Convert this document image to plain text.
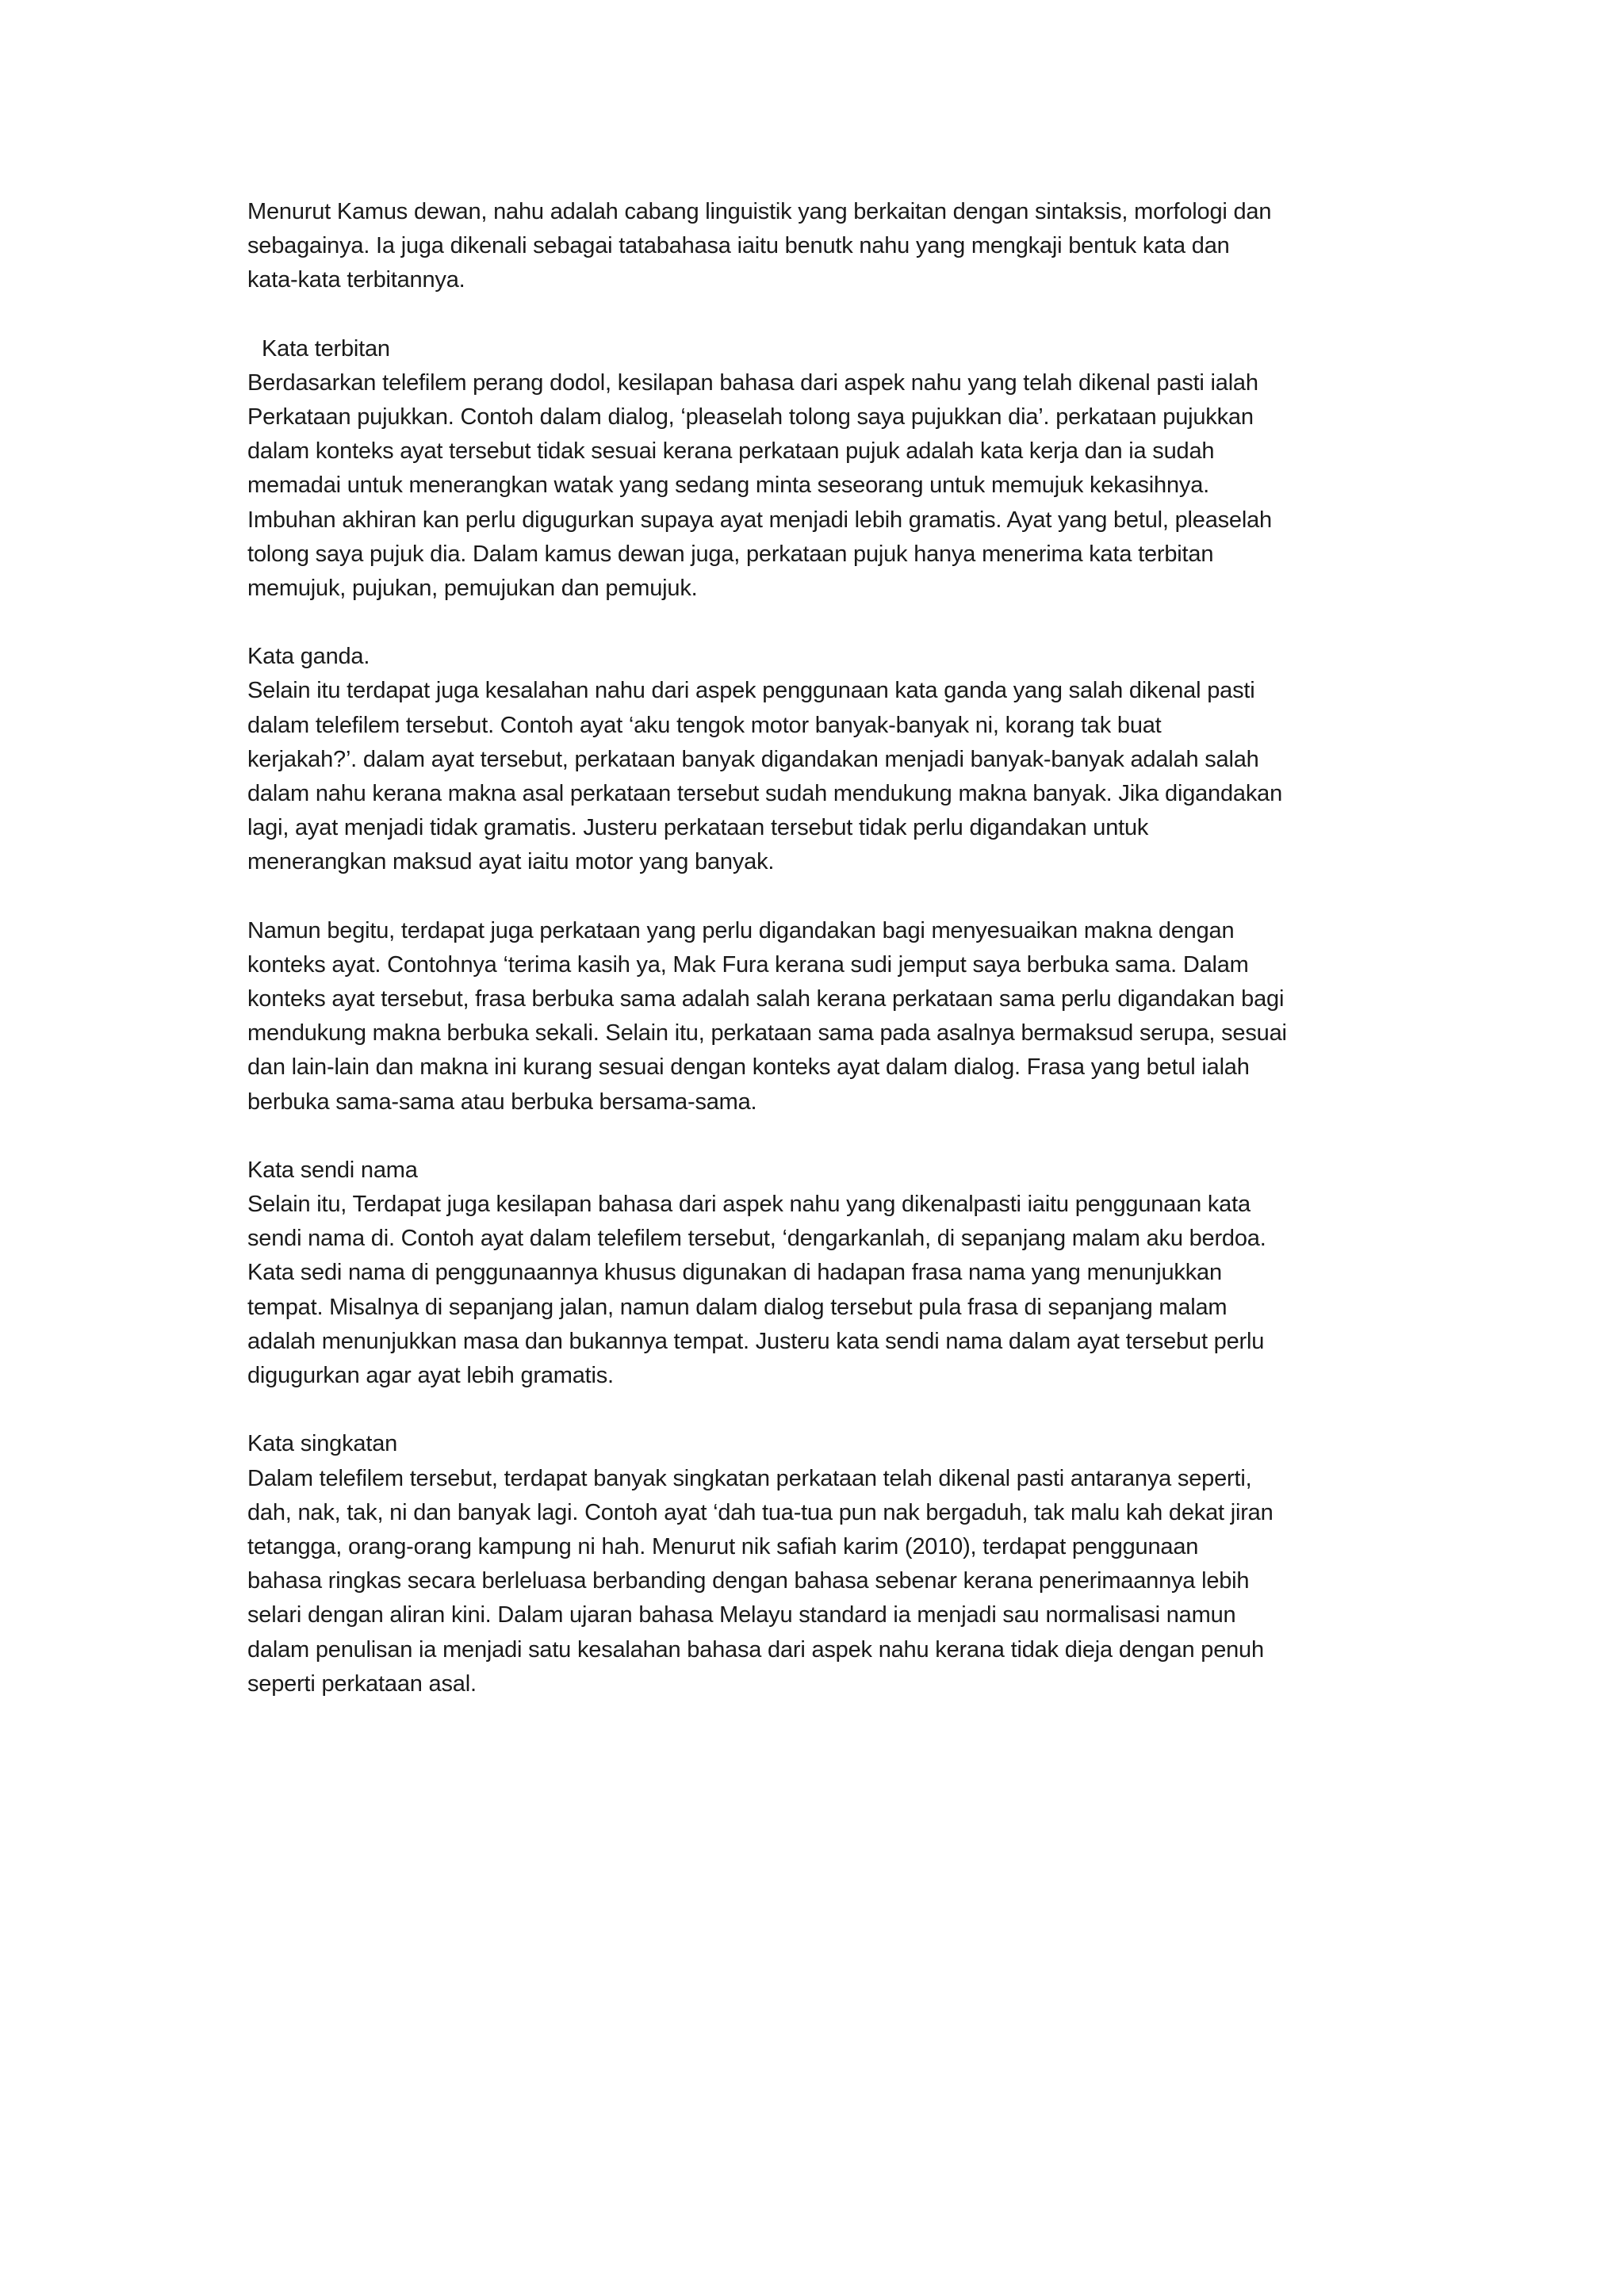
Menurut Kamus dewan, nahu adalah cabang linguistik yang berkaitan dengan sintaksis, morfologi dan

sebagainya. Ia juga dikenali sebagai tatabahasa iaitu benutk nahu yang mengkaji bentuk kata dan

kata-kata terbitannya.

Kata terbitan

Berdasarkan telefilem perang dodol, kesilapan bahasa dari aspek nahu yang telah dikenal pasti ialah

Perkataan pujukkan. Contoh dalam dialog, ‘pleaselah tolong saya pujukkan dia’. perkataan pujukkan

dalam konteks ayat tersebut tidak sesuai kerana perkataan pujuk adalah kata kerja dan ia sudah

memadai untuk menerangkan watak yang sedang minta seseorang untuk memujuk kekasihnya.

Imbuhan akhiran kan perlu digugurkan supaya ayat menjadi lebih gramatis. Ayat yang betul, pleaselah

tolong saya pujuk dia. Dalam kamus dewan juga, perkataan pujuk hanya menerima kata terbitan

memujuk, pujukan, pemujukan dan pemujuk.

Kata ganda.

Selain itu terdapat juga kesalahan nahu dari aspek penggunaan kata ganda yang salah dikenal pasti

dalam telefilem tersebut. Contoh ayat ‘aku tengok motor banyak-banyak ni, korang tak buat

kerjakah?’. dalam ayat tersebut, perkataan banyak digandakan menjadi banyak-banyak adalah salah

dalam nahu kerana makna asal perkataan tersebut sudah mendukung makna banyak. Jika digandakan

lagi, ayat menjadi tidak gramatis. Justeru perkataan tersebut tidak perlu digandakan untuk

menerangkan maksud ayat iaitu motor yang banyak.

Namun begitu, terdapat juga perkataan yang perlu digandakan bagi menyesuaikan makna dengan

konteks ayat. Contohnya ‘terima kasih ya, Mak Fura kerana sudi jemput saya berbuka sama. Dalam

konteks ayat tersebut, frasa berbuka sama adalah salah kerana perkataan sama perlu digandakan bagi

mendukung makna berbuka sekali. Selain itu, perkataan sama pada asalnya bermaksud serupa, sesuai

dan lain-lain dan makna ini kurang sesuai dengan konteks ayat dalam dialog. Frasa yang betul ialah

berbuka sama-sama atau berbuka bersama-sama.

Kata sendi nama

Selain itu, Terdapat juga kesilapan bahasa dari aspek nahu yang dikenalpasti iaitu penggunaan kata

sendi nama di. Contoh ayat dalam telefilem tersebut, ‘dengarkanlah, di sepanjang malam aku berdoa.

Kata sedi nama di penggunaannya khusus digunakan di hadapan frasa nama yang menunjukkan

tempat. Misalnya di sepanjang jalan, namun dalam dialog tersebut pula frasa di sepanjang malam

adalah menunjukkan masa dan bukannya tempat. Justeru kata sendi nama dalam ayat tersebut perlu

digugurkan agar ayat lebih gramatis.

Kata singkatan

Dalam telefilem tersebut, terdapat banyak singkatan perkataan telah dikenal pasti antaranya seperti,

dah, nak, tak, ni dan banyak lagi. Contoh ayat ‘dah tua-tua pun nak bergaduh, tak malu kah dekat jiran

tetangga, orang-orang kampung ni hah. Menurut nik safiah karim (2010), terdapat penggunaan

bahasa ringkas secara berleluasa berbanding dengan bahasa sebenar kerana penerimaannya lebih

selari dengan aliran kini. Dalam ujaran bahasa Melayu standard ia menjadi sau normalisasi namun

dalam penulisan ia menjadi satu kesalahan bahasa dari aspek nahu kerana tidak dieja dengan penuh

seperti perkataan asal.
